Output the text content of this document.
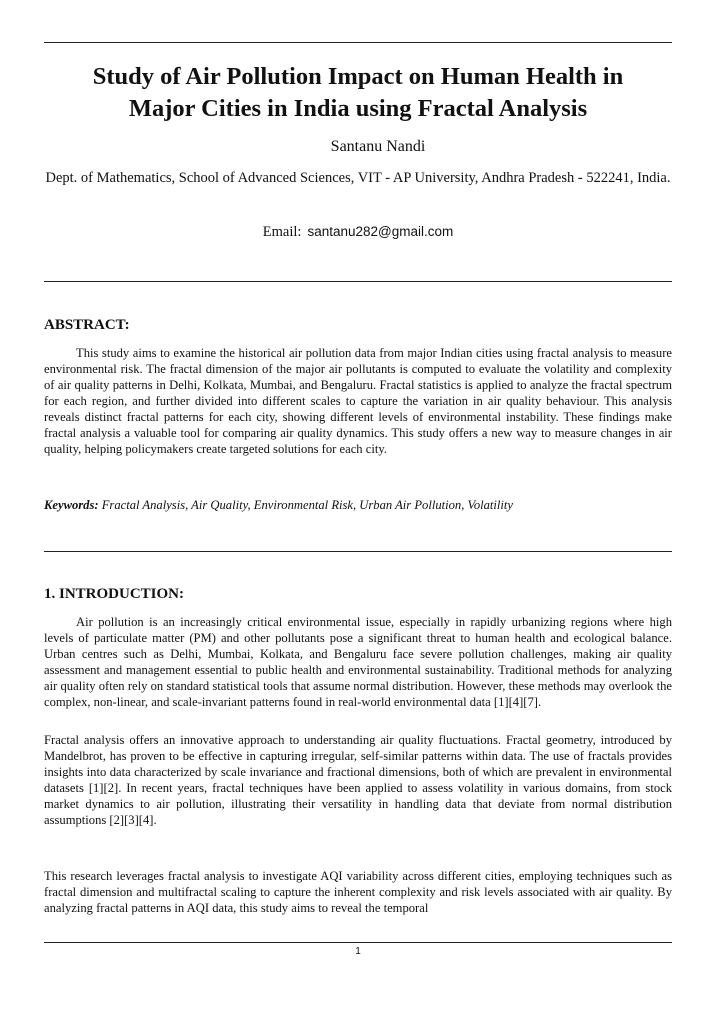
Study of Air Pollution Impact on Human Health in
Major Cities in India using Fractal Analysis
Santanu Nandi
Dept. of Mathematics, School of Advanced Sciences, VIT - AP University, Andhra Pradesh - 522241, India.
Email: santanu282@gmail.com
ABSTRACT:

This study aims to examine the historical air pollution data from major Indian cities using fractal analysis to measure environmental risk. The fractal dimension of the major air pollutants is computed to evaluate the volatility and complexity of air quality patterns in Delhi, Kolkata, Mumbai, and Bengaluru. Fractal statistics is applied to analyze the fractal spectrum for each region, and further divided into different scales to capture the variation in air quality behaviour. This analysis reveals distinct fractal patterns for each city, showing different levels of environmental instability. These findings make fractal analysis a valuable tool for comparing air quality dynamics. This study offers a new way to measure changes in air quality, helping policymakers create targeted solutions for each city.

Keywords: Fractal Analysis, Air Quality, Environmental Risk, Urban Air Pollution, Volatility
1. INTRODUCTION:

Air pollution is an increasingly critical environmental issue, especially in rapidly urbanizing regions where high levels of particulate matter (PM) and other pollutants pose a significant threat to human health and ecological balance. Urban centres such as Delhi, Mumbai, Kolkata, and Bengaluru face severe pollution challenges, making air quality assessment and management essential to public health and environmental sustainability. Traditional methods for analyzing air quality often rely on standard statistical tools that assume normal distribution. However, these methods may overlook the complex, non-linear, and scale-invariant patterns found in real-world environmental data [1][4][7].

Fractal analysis offers an innovative approach to understanding air quality fluctuations. Fractal geometry, introduced by Mandelbrot, has proven to be effective in capturing irregular, self-similar patterns within data. The use of fractals provides insights into data characterized by scale invariance and fractional dimensions, both of which are prevalent in environmental datasets [1][2]. In recent years, fractal techniques have been applied to assess volatility in various domains, from stock market dynamics to air pollution, illustrating their versatility in handling data that deviate from normal distribution assumptions [2][3][4].

This research leverages fractal analysis to investigate AQI variability across different cities, employing techniques such as fractal dimension and multifractal scaling to capture the inherent complexity and risk levels associated with air quality. By analyzing fractal patterns in AQI data, this study aims to reveal the temporal

1
